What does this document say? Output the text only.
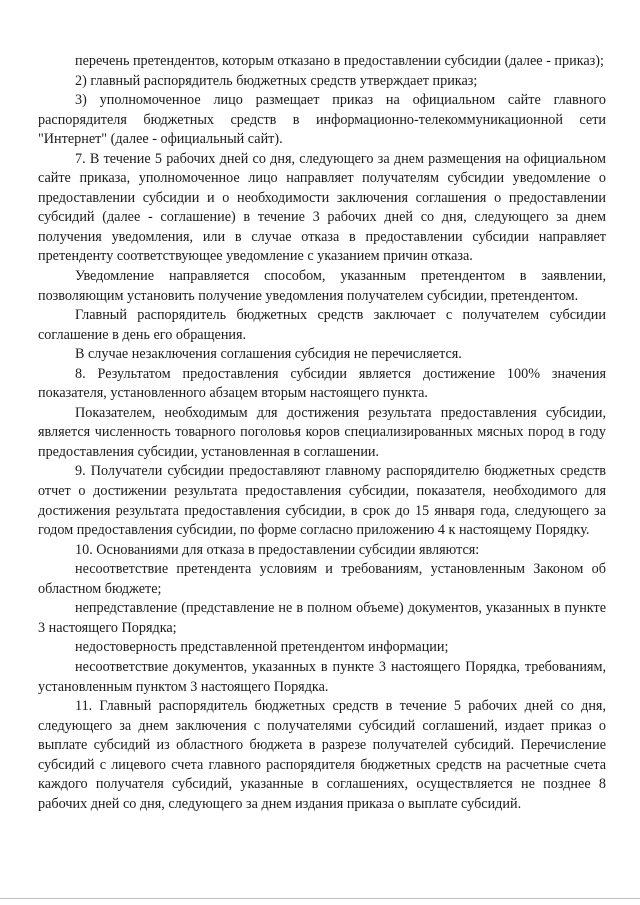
перечень претендентов, которым отказано в предоставлении субсидии (далее - приказ);

2) главный распорядитель бюджетных средств утверждает приказ;

3) уполномоченное лицо размещает приказ на официальном сайте главного распорядителя бюджетных средств в информационно-телекоммуникационной сети "Интернет" (далее - официальный сайт).

7. В течение 5 рабочих дней со дня, следующего за днем размещения на официальном сайте приказа, уполномоченное лицо направляет получателям субсидии уведомление о предоставлении субсидии и о необходимости заключения соглашения о предоставлении субсидий (далее - соглашение) в течение 3 рабочих дней со дня, следующего за днем получения уведомления, или в случае отказа в предоставлении субсидии направляет претенденту соответствующее уведомление с указанием причин отказа.

Уведомление направляется способом, указанным претендентом в заявлении, позволяющим установить получение уведомления получателем субсидии, претендентом.

Главный распорядитель бюджетных средств заключает с получателем субсидии соглашение в день его обращения.

В случае незаключения соглашения субсидия не перечисляется.

8. Результатом предоставления субсидии является достижение 100% значения показателя, установленного абзацем вторым настоящего пункта.

Показателем, необходимым для достижения результата предоставления субсидии, является численность товарного поголовья коров специализированных мясных пород в году предоставления субсидии, установленная в соглашении.

9. Получатели субсидии предоставляют главному распорядителю бюджетных средств отчет о достижении результата предоставления субсидии, показателя, необходимого для достижения результата предоставления субсидии, в срок до 15 января года, следующего за годом предоставления субсидии, по форме согласно приложению 4 к настоящему Порядку.

10. Основаниями для отказа в предоставлении субсидии являются:

несоответствие претендента условиям и требованиям, установленным Законом об областном бюджете;

непредставление (представление не в полном объеме) документов, указанных в пункте 3 настоящего Порядка;

недостоверность представленной претендентом информации;

несоответствие документов, указанных в пункте 3 настоящего Порядка, требованиям, установленным пунктом 3 настоящего Порядка.

11. Главный распорядитель бюджетных средств в течение 5 рабочих дней со дня, следующего за днем заключения с получателями субсидий соглашений, издает приказ о выплате субсидий из областного бюджета в разрезе получателей субсидий. Перечисление субсидий с лицевого счета главного распорядителя бюджетных средств на расчетные счета каждого получателя субсидий, указанные в соглашениях, осуществляется не позднее 8 рабочих дней со дня, следующего за днем издания приказа о выплате субсидий.
